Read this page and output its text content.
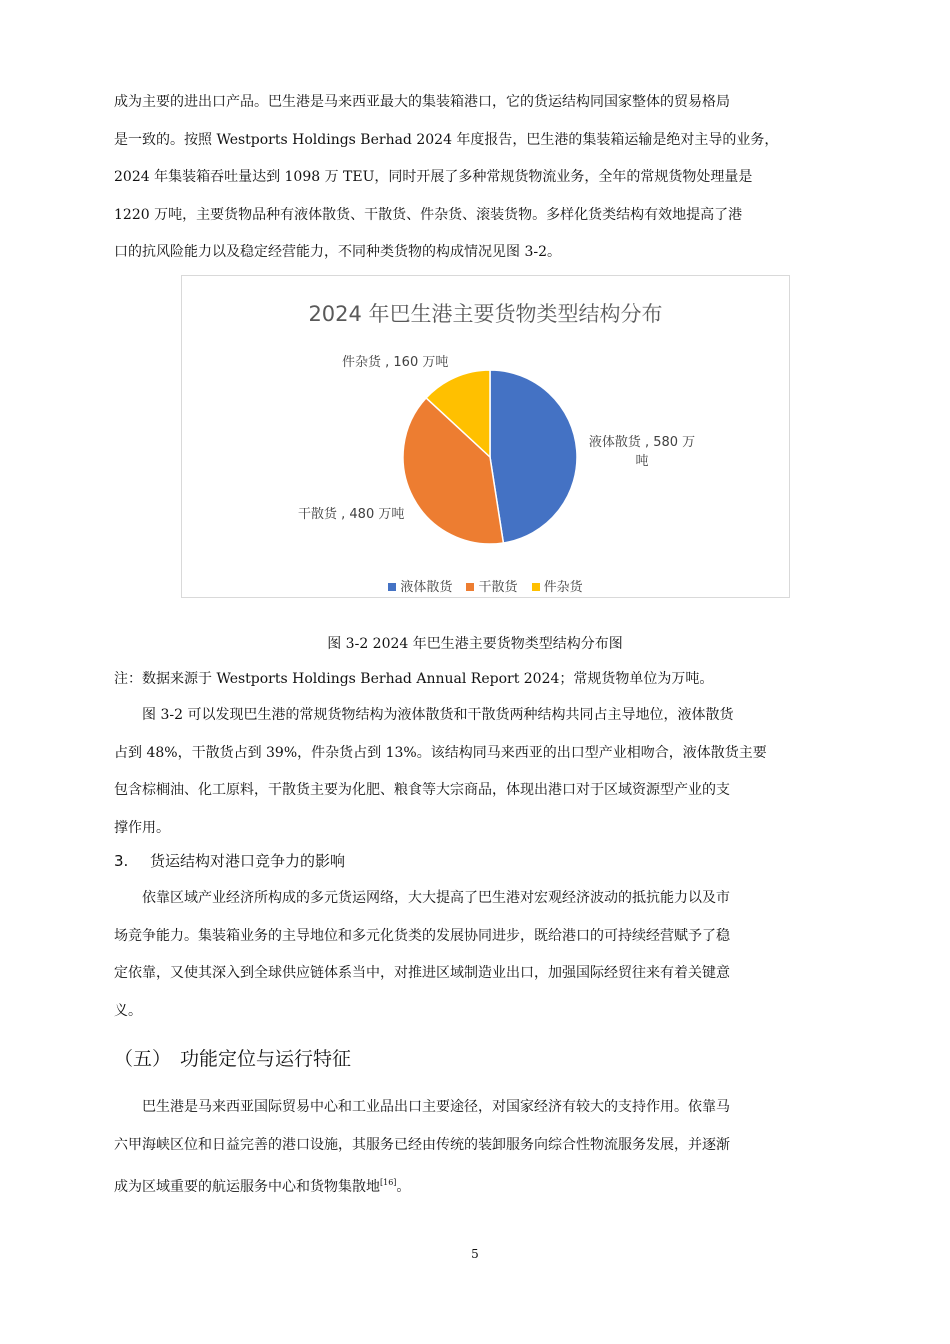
成为主要的进出口产品。巴生港是马来西亚最大的集装箱港口，它的货运结构同国家整体的贸易格局
是一致的。按照 Westports Holdings Berhad 2024 年度报告，巴生港的集装箱运输是绝对主导的业务，
2024 年集装箱吞吐量达到 1098 万 TEU，同时开展了多种常规货物流业务，全年的常规货物处理量是
1220 万吨，主要货物品种有液体散货、干散货、件杂货、滚装货物。多样化货类结构有效地提高了港
口的抗风险能力以及稳定经营能力，不同种类货物的构成情况见图 3-2。
2024 年巴生港主要货物类型结构分布
件杂货 , 160 万吨
液体散货 , 580 万吨
干散货 , 480 万吨
液体散货 干散货 件杂货
图 3-2 2024 年巴生港主要货物类型结构分布图
注：数据来源于 Westports Holdings Berhad Annual Report 2024；常规货物单位为万吨。
图 3-2 可以发现巴生港的常规货物结构为液体散货和干散货两种结构共同占主导地位，液体散货
占到 48%，干散货占到 39%，件杂货占到 13%。该结构同马来西亚的出口型产业相吻合，液体散货主要
包含棕榈油、化工原料，干散货主要为化肥、粮食等大宗商品，体现出港口对于区域资源型产业的支
撑作用。
3. 货运结构对港口竞争力的影响
依靠区域产业经济所构成的多元货运网络，大大提高了巴生港对宏观经济波动的抵抗能力以及市
场竞争能力。集装箱业务的主导地位和多元化货类的发展协同进步，既给港口的可持续经营赋予了稳
定依靠，又使其深入到全球供应链体系当中，对推进区域制造业出口，加强国际经贸往来有着关键意
义。
（五） 功能定位与运行特征
巴生港是马来西亚国际贸易中心和工业品出口主要途径，对国家经济有较大的支持作用。依靠马
六甲海峡区位和日益完善的港口设施，其服务已经由传统的装卸服务向综合性物流服务发展，并逐渐
成为区域重要的航运服务中心和货物集散地[16]。
5
